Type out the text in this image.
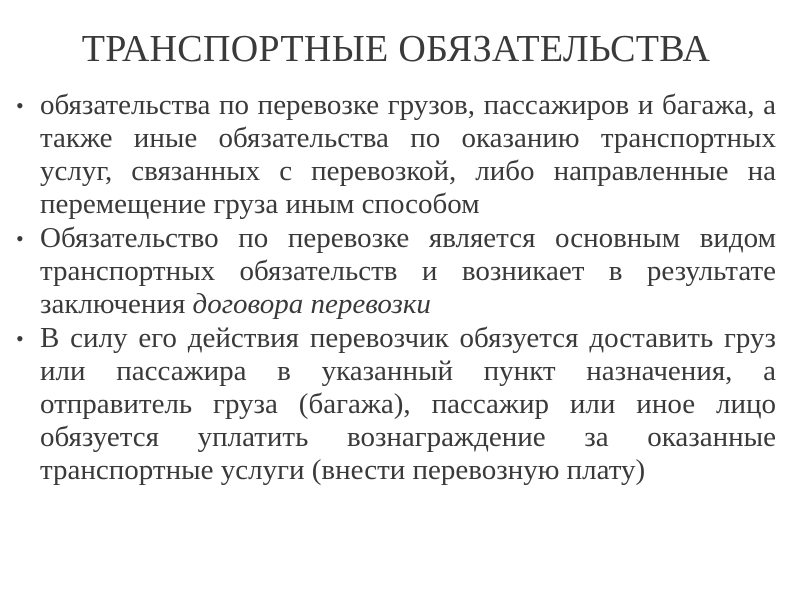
ТРАНСПОРТНЫЕ ОБЯЗАТЕЛЬСТВА
• обязательства по перевозке грузов, пассажиров и багажа, а также иные обязательства по оказанию транспортных услуг, связанных с перевозкой, либо направленные на перемещение груза иным способом
• Обязательство по перевозке является основным видом транспортных обязательств и возникает в результате заключения договора перевозки
• В силу его действия перевозчик обязуется доставить груз или пассажира в указанный пункт назначения, а отправитель груза (багажа), пассажир или иное лицо обязуется уплатить вознаграждение за оказанные транспортные услуги (внести перевозную плату)
